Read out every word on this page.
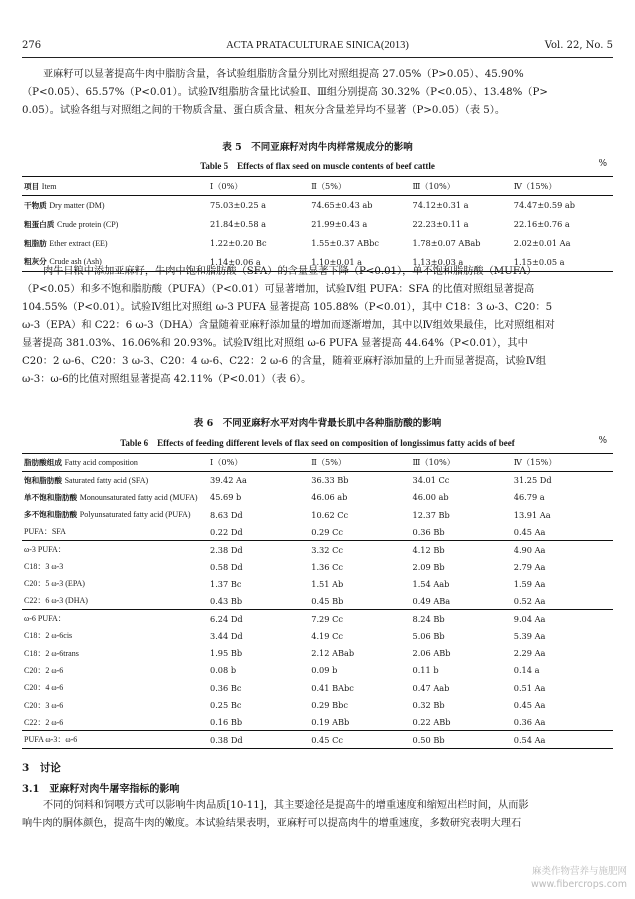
276	ACTA PRATACULTURAE SINICA(2013)	Vol. 22, No. 5
亚麻籽可以显著提高牛肉中脂肪含量，各试验组脂肪含量分别比对照组提高 27.05%（P>0.05）、45.90%
（P<0.05）、65.57%（P<0.01）。试验Ⅳ组脂肪含量比试验Ⅱ、Ⅲ组分别提高 30.32%（P<0.05）、13.48%（P>
0.05）。试验各组与对照组之间的干物质含量、蛋白质含量、粗灰分含量差异均不显著（P>0.05）（表 5）。
表 5　不同亚麻籽对肉牛肉样常规成分的影响
Table 5　Effects of flax seed on muscle contents of beef cattle	%
项目 Item	Ⅰ（0%）	Ⅱ（5%）	Ⅲ（10%）	Ⅳ（15%）
干物质 Dry matter (DM)	75.03±0.25 a	74.65±0.43 ab	74.12±0.31 a	74.47±0.59 ab
粗蛋白质 Crude protein (CP)	21.84±0.58 a	21.99±0.43 a	22.23±0.11 a	22.16±0.76 a
粗脂肪 Ether extract (EE)	1.22±0.20 Bc	1.55±0.37 ABbc	1.78±0.07 ABab	2.02±0.01 Aa
粗灰分 Crude ash (Ash)	1.14±0.06 a	1.10±0.01 a	1.13±0.03 a	1.15±0.05 a
肉牛日粮中添加亚麻籽，牛肉中饱和脂肪酸（SFA）的含量显著下降（P<0.01），单不饱和脂肪酸（MUFA）
（P<0.05）和多不饱和脂肪酸（PUFA）（P<0.01）可显著增加，试验Ⅳ组 PUFA：SFA 的比值对照组显著提高
104.55%（P<0.01）。试验Ⅳ组比对照组 ω-3 PUFA 显著提高 105.88%（P<0.01），其中 C18：3 ω-3、C20：5
ω-3（EPA）和 C22：6 ω-3（DHA）含量随着亚麻籽添加量的增加而逐渐增加，其中以Ⅳ组效果最佳，比对照组相对
显著提高 381.03%、16.06%和 20.93%。试验Ⅳ组比对照组 ω-6 PUFA 显著提高 44.64%（P<0.01），其中
C20：2 ω-6、C20：3 ω-3、C20：4 ω-6、C22：2 ω-6 的含量，随着亚麻籽添加量的上升而显著提高，试验Ⅳ组
ω-3：ω-6的比值对照组显著提高 42.11%（P<0.01）（表 6）。
表 6　不同亚麻籽水平对肉牛背最长肌中各种脂肪酸的影响
Table 6　Effects of feeding different levels of flax seed on composition of longissimus fatty acids of beef	%
脂肪酸组成 Fatty acid composition	Ⅰ（0%）	Ⅱ（5%）	Ⅲ（10%）	Ⅳ（15%）
饱和脂肪酸 Saturated fatty acid (SFA)	39.42 Aa	36.33 Bb	34.01 Cc	31.25 Dd
单不饱和脂肪酸 Monounsaturated fatty acid (MUFA)	45.69 b	46.06 ab	46.00 ab	46.79 a
多不饱和脂肪酸 Polyunsaturated fatty acid (PUFA)	8.63 Dd	10.62 Cc	12.37 Bb	13.91 Aa
PUFA：SFA	0.22 Dd	0.29 Cc	0.36 Bb	0.45 Aa
ω-3 PUFA：	2.38 Dd	3.32 Cc	4.12 Bb	4.90 Aa
C18：3 ω-3	0.58 Dd	1.36 Cc	2.09 Bb	2.79 Aa
C20：5 ω-3 (EPA)	1.37 Bc	1.51 Ab	1.54 Aab	1.59 Aa
C22：6 ω-3 (DHA)	0.43 Bb	0.45 Bb	0.49 ABa	0.52 Aa
ω-6 PUFA：	6.24 Dd	7.29 Cc	8.24 Bb	9.04 Aa
C18：2 ω-6cis	3.44 Dd	4.19 Cc	5.06 Bb	5.39 Aa
C18：2 ω-6trans	1.95 Bb	2.12 ABab	2.06 ABb	2.29 Aa
C20：2 ω-6	0.08 b	0.09 b	0.11 b	0.14 a
C20：4 ω-6	0.36 Bc	0.41 BAbc	0.47 Aab	0.51 Aa
C20：3 ω-6	0.25 Bc	0.29 Bbc	0.32 Bb	0.45 Aa
C22：2 ω-6	0.16 Bb	0.19 ABb	0.22 ABb	0.36 Aa
PUFA ω-3：ω-6	0.38 Dd	0.45 Cc	0.50 Bb	0.54 Aa
3　讨论
3.1　亚麻籽对肉牛屠宰指标的影响
不同的饲料和饲喂方式可以影响牛肉品质[10-11]，其主要途径是提高牛的增重速度和缩短出栏时间，从而影
响牛肉的胴体颜色，提高牛肉的嫩度。本试验结果表明，亚麻籽可以提高肉牛的增重速度，多数研究表明大理石
麻类作物营养与施肥网
www.fibercrops.com
